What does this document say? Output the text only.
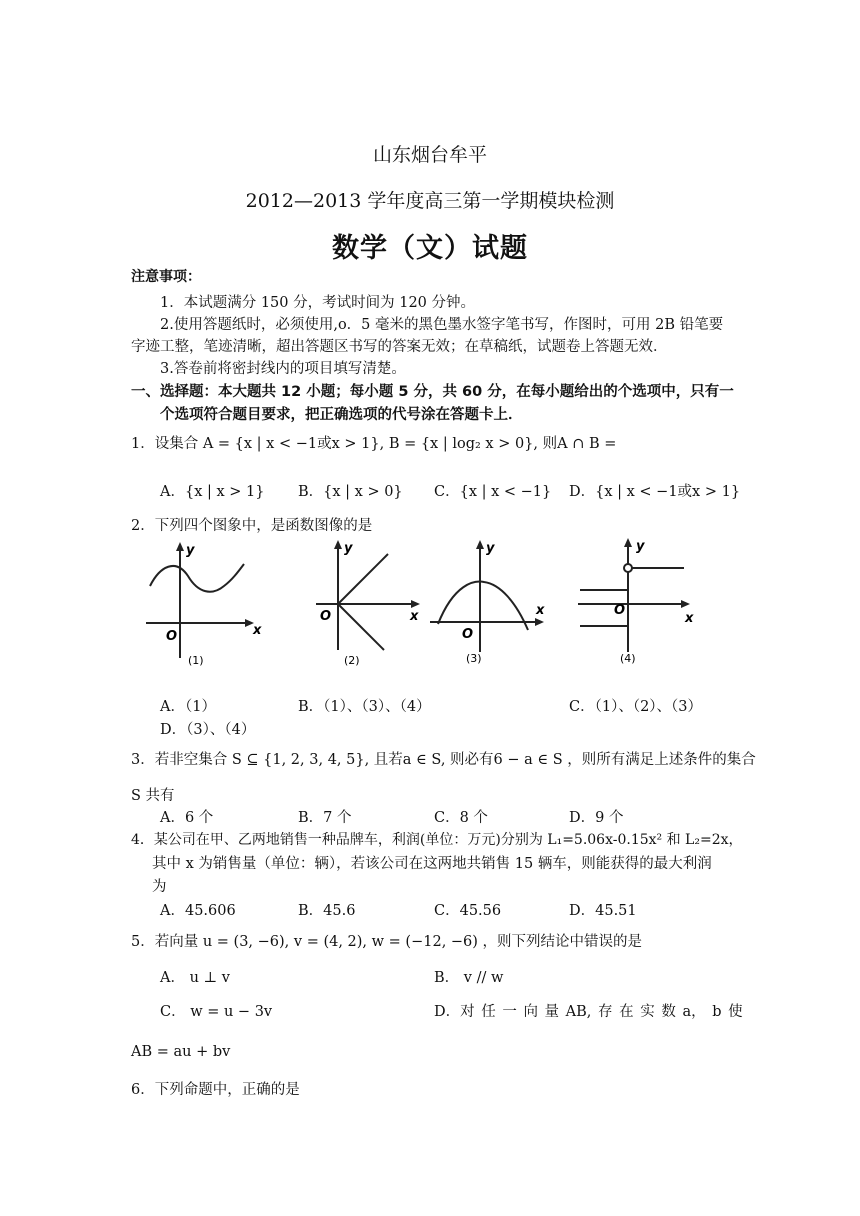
山东烟台牟平
2012—2013 学年度高三第一学期模块检测
数学（文）试题
注意事项：
1．本试题满分 150 分，考试时间为 120 分钟。
2.使用答题纸时，必须使用,o．5 毫米的黑色墨水签字笔书写，作图时，可用 2B 铅笔要
字迹工整，笔迹清晰，超出答题区书写的答案无效；在草稿纸，试题卷上答题无效．
3.答卷前将密封线内的项目填写清楚。
一、选择题：本大题共 12 小题；每小题 5 分，共 60 分，在每小题给出的个选项中，只有一
个选项符合题目要求，把正确选项的代号涂在答题卡上．
1．设集合 A = {x | x < −1或x > 1}, B = {x | log₂ x > 0}, 则A ∩ B =
A．{x | x > 1} B．{x | x > 0} C．{x | x < −1} D．{x | x < −1或x > 1}
2．下列四个图象中，是函数图像的是
y
x
O
(1)
y
x
O
(2)
y
x
O
(3)
y
x
O
(4)
A．（1）	B．（1）、（3）、（4）	C．（1）、（2）、（3）
D．（3）、（4）
3．若非空集合 S ⊆ {1, 2, 3, 4, 5}, 且若a ∈ S, 则必有6 − a ∈ S ，则所有满足上述条件的集合
S 共有
A．6 个	B．7 个	C．8 个	D．9 个
4．某公司在甲、乙两地销售一种品牌车，利润(单位：万元)分别为 L₁=5.06x-0.15x² 和 L₂=2x，
其中 x 为销售量（单位：辆），若该公司在这两地共销售 15 辆车，则能获得的最大利润
为
A．45.606	B．45.6	C．45.56	D．45.51
5．若向量 u = (3, −6), v = (4, 2), w = (−12, −6) ，则下列结论中错误的是
A． u ⊥ v	B． v // w
C． w = u − 3v	D．对 任 一 向 量 AB, 存 在 实 数 a， b 使
AB = au + bv
6．下列命题中，正确的是
